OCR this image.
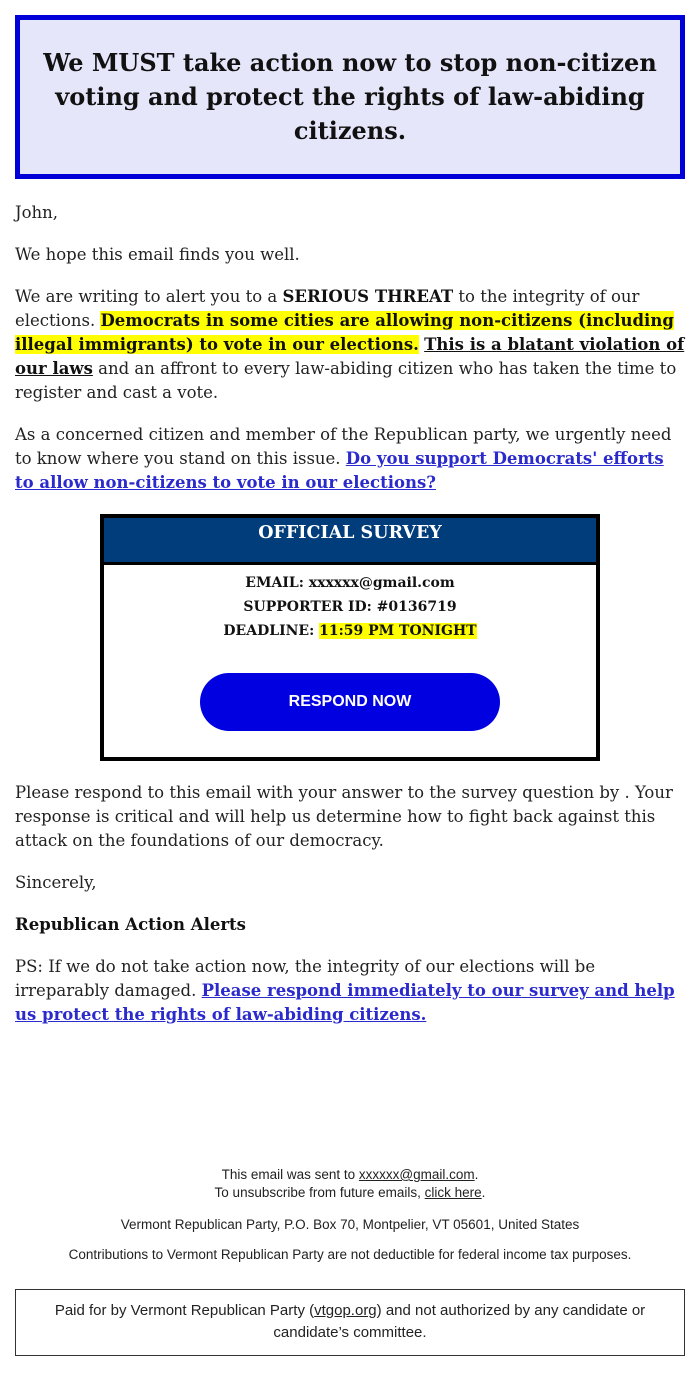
We MUST take action now to stop non-citizen voting and protect the rights of law-abiding citizens.

John,

We hope this email finds you well.

We are writing to alert you to a SERIOUS THREAT to the integrity of our elections. Democrats in some cities are allowing non-citizens (including illegal immigrants) to vote in our elections. This is a blatant violation of our laws and an affront to every law-abiding citizen who has taken the time to register and cast a vote.

As a concerned citizen and member of the Republican party, we urgently need to know where you stand on this issue. Do you support Democrats' efforts to allow non-citizens to vote in our elections?

OFFICIAL SURVEY
EMAIL: xxxxxx@gmail.com
SUPPORTER ID: #0136719
DEADLINE: 11:59 PM TONIGHT
RESPOND NOW

Please respond to this email with your answer to the survey question by . Your response is critical and will help us determine how to fight back against this attack on the foundations of our democracy.

Sincerely,

Republican Action Alerts

PS: If we do not take action now, the integrity of our elections will be irreparably damaged. Please respond immediately to our survey and help us protect the rights of law-abiding citizens.

This email was sent to xxxxxx@gmail.com.
To unsubscribe from future emails, click here.
Vermont Republican Party, P.O. Box 70, Montpelier, VT 05601, United States
Contributions to Vermont Republican Party are not deductible for federal income tax purposes.
Paid for by Vermont Republican Party (vtgop.org) and not authorized by any candidate or candidate’s committee.
